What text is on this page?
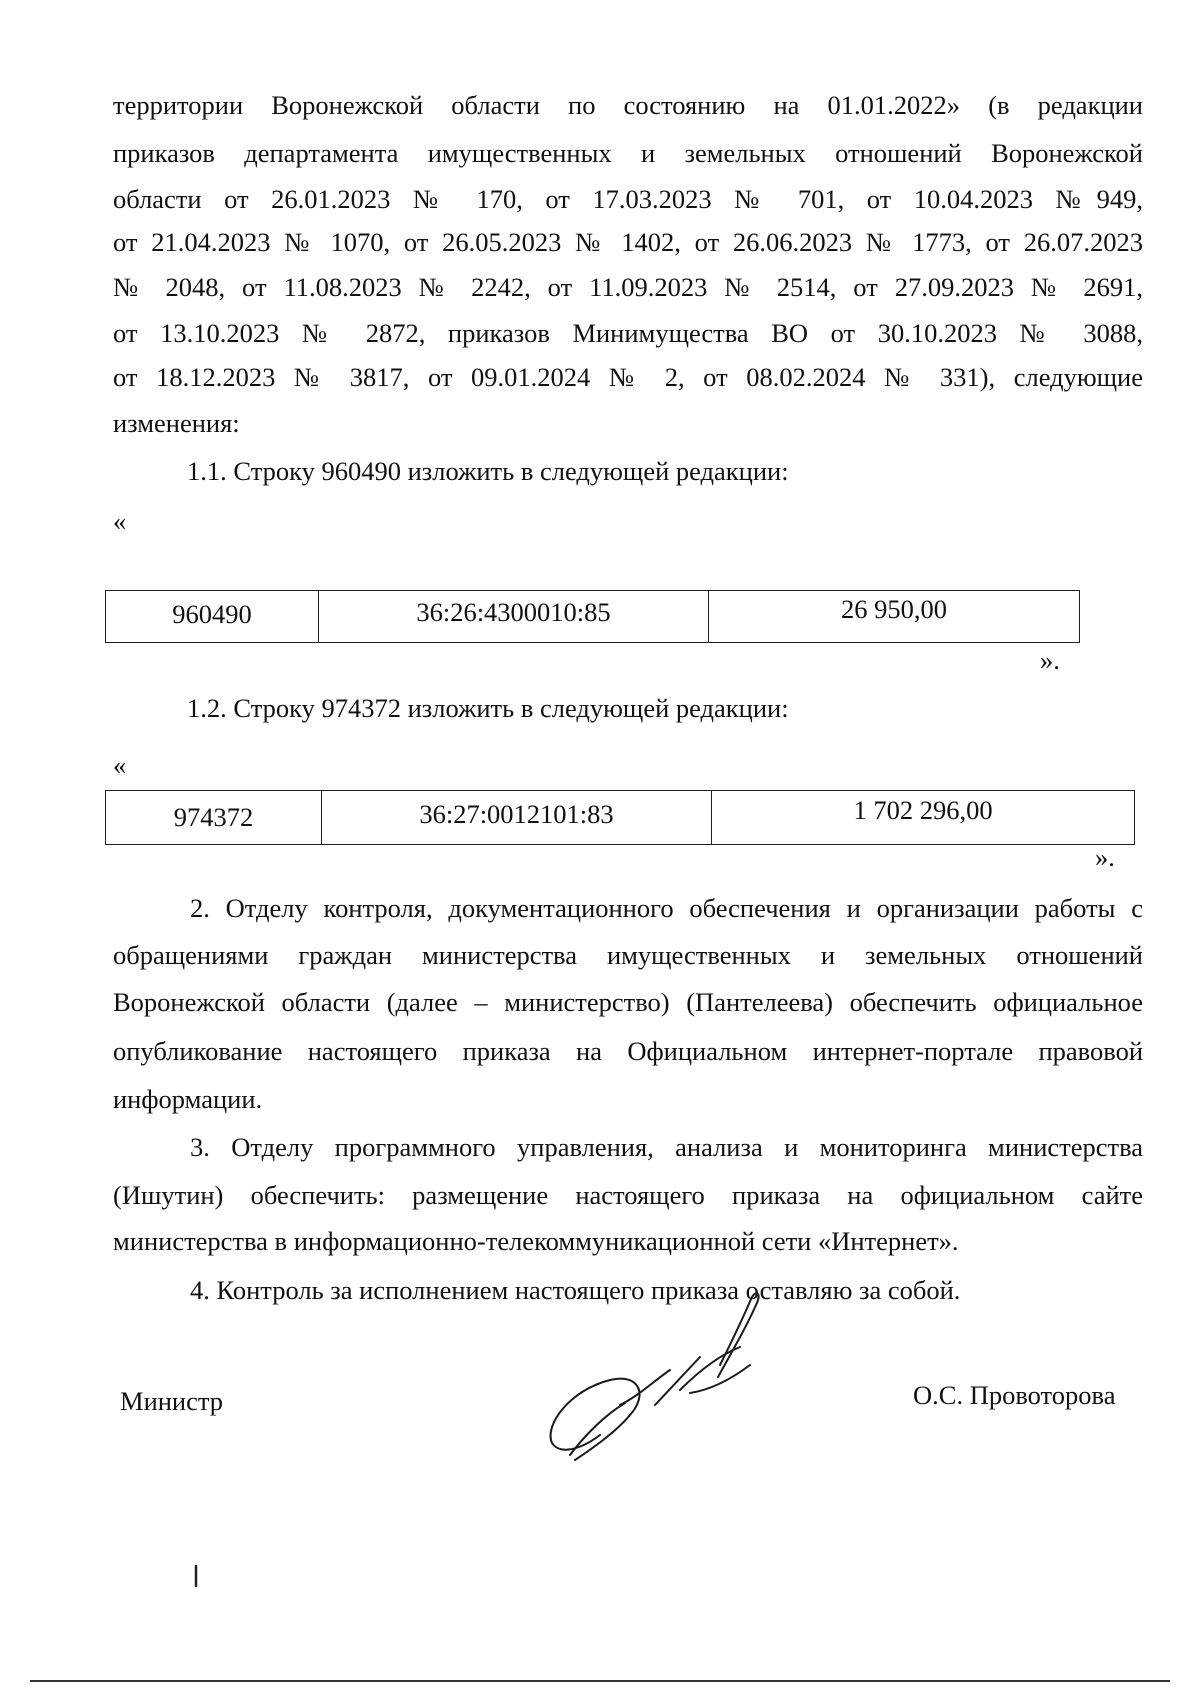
территории Воронежской области по состоянию на 01.01.2022» (в редакции
приказов департамента имущественных и земельных отношений Воронежской
области от 26.01.2023 № 170, от 17.03.2023 № 701, от 10.04.2023 №949,
от 21.04.2023 № 1070, от 26.05.2023 № 1402, от 26.06.2023 № 1773, от 26.07.2023
№ 2048, от 11.08.2023 № 2242, от 11.09.2023 № 2514, от 27.09.2023 № 2691,
от 13.10.2023 № 2872, приказов Минимущества ВО от 30.10.2023 № 3088,
от 18.12.2023 № 3817, от 09.01.2024 № 2, от 08.02.2024 № 331), следующие
изменения:
1.1. Строку 960490 изложить в следующей редакции:
«
960490	36:26:4300010:85	26 950,00
».
1.2. Строку 974372 изложить в следующей редакции:
«
974372	36:27:0012101:83	1 702 296,00
».
2. Отделу контроля, документационного обеспечения и организации работы с
обращениями граждан министерства имущественных и земельных отношений
Воронежской области (далее – министерство) (Пантелеева) обеспечить официальное
опубликование настоящего приказа на Официальном интернет-портале правовой
информации.
3. Отделу программного управления, анализа и мониторинга министерства
(Ишутин) обеспечить: размещение настоящего приказа на официальном сайте
министерства в информационно-телекоммуникационной сети «Интернет».
4. Контроль за исполнением настоящего приказа оставляю за собой.
Министр	О.С. Провоторова
